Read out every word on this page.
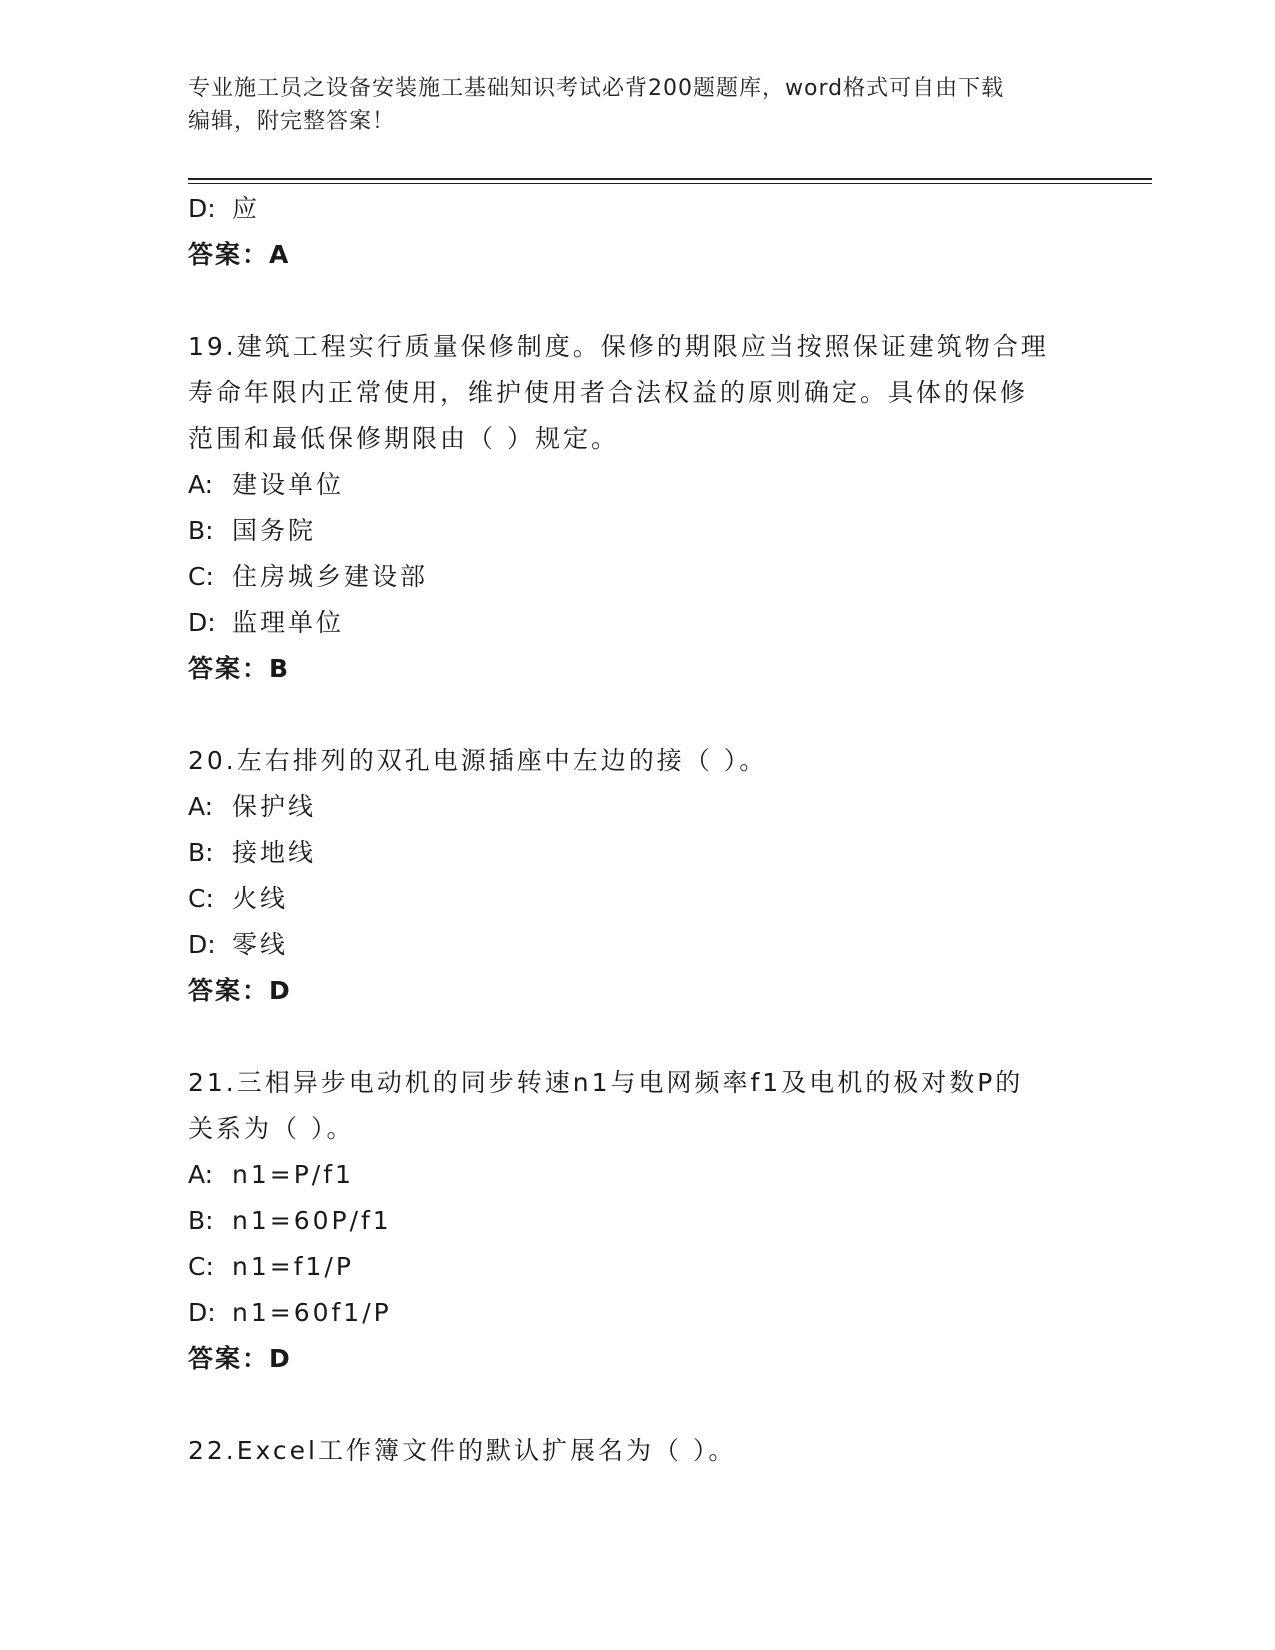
专业施工员之设备安装施工基础知识考试必背200题题库，word格式可自由下载
编辑，附完整答案！
D: 应
答案：A
19.建筑工程实行质量保修制度。保修的期限应当按照保证建筑物合理
寿命年限内正常使用，维护使用者合法权益的原则确定。具体的保修
范围和最低保修期限由（ ）规定。
A: 建设单位
B: 国务院
C: 住房城乡建设部
D: 监理单位
答案：B
20.左右排列的双孔电源插座中左边的接（ ）。
A: 保护线
B: 接地线
C: 火线
D: 零线
答案：D
21.三相异步电动机的同步转速n1与电网频率f1及电机的极对数P的
关系为（ ）。
A: n1=P/f1
B: n1=60P/f1
C: n1=f1/P
D: n1=60f1/P
答案：D
22.Excel工作簿文件的默认扩展名为（ ）。
